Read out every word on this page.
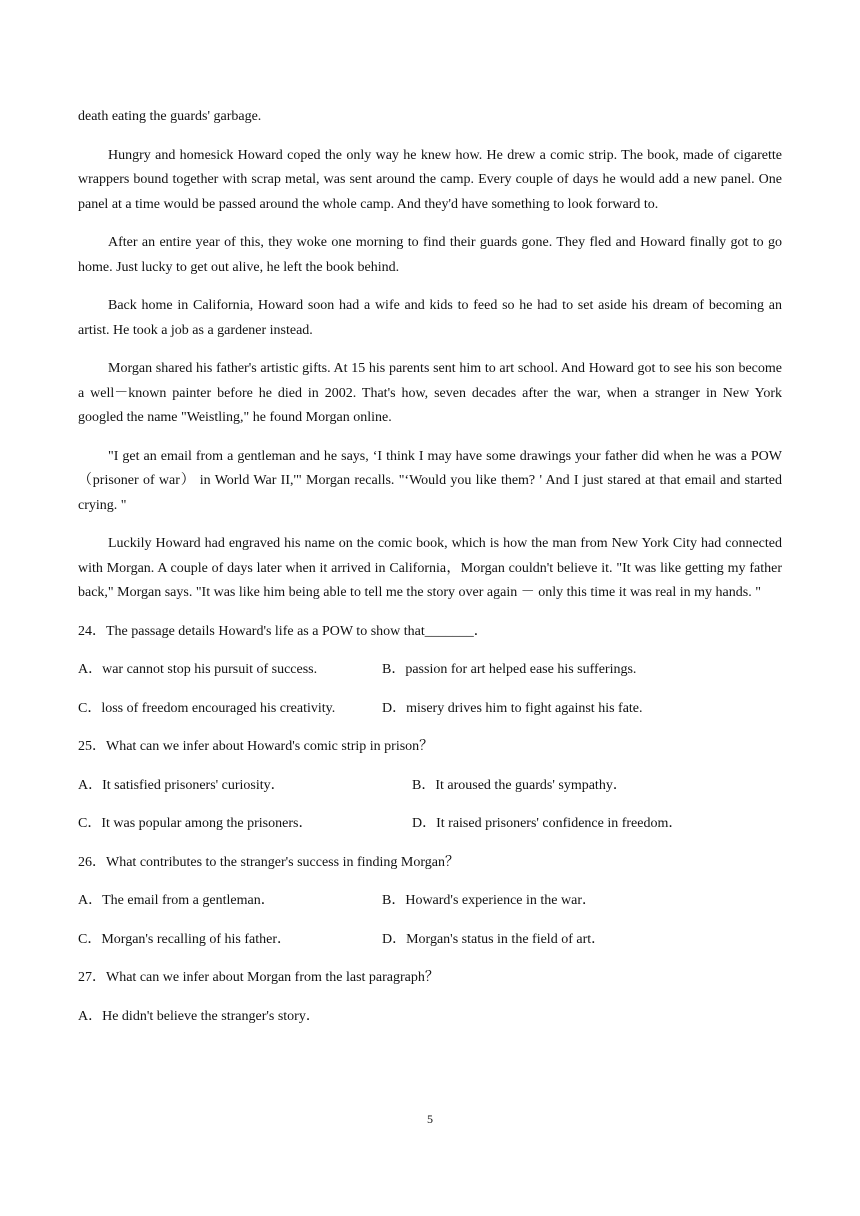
death eating the guards' garbage.

Hungry and homesick Howard coped the only way he knew how. He drew a comic strip. The book, made of cigarette wrappers bound together with scrap metal, was sent around the camp. Every couple of days he would add a new panel. One panel at a time would be passed around the whole camp. And they'd have something to look forward to.

After an entire year of this, they woke one morning to find their guards gone. They fled and Howard finally got to go home. Just lucky to get out alive, he left the book behind.

Back home in California, Howard soon had a wife and kids to feed so he had to set aside his dream of becoming an artist. He took a job as a gardener instead.

Morgan shared his father's artistic gifts. At 15 his parents sent him to art school. And Howard got to see his son become a well－known painter before he died in 2002. That's how, seven decades after the war, when a stranger in New York googled the name "Weistling," he found Morgan online.

"I get an email from a gentleman and he says, ‘I think I may have some drawings your father did when he was a POW （prisoner of war） in World War II,'" Morgan recalls. "‘Would you like them? ' And I just stared at that email and started crying. "

Luckily Howard had engraved his name on the comic book, which is how the man from New York City had connected with Morgan. A couple of days later when it arrived in California，Morgan couldn't believe it. "It was like getting my father back," Morgan says. "It was like him being able to tell me the story over again － only this time it was real in my hands. "

24．The passage details Howard's life as a POW to show that_______．

A．war cannot stop his pursuit of success.	B．passion for art helped ease his sufferings.
C．loss of freedom encouraged his creativity.	D．misery drives him to fight against his fate.

25．What can we infer about Howard's comic strip in prison？

A．It satisfied prisoners' curiosity．	B．It aroused the guards' sympathy．
C．It was popular among the prisoners．	D．It raised prisoners' confidence in freedom．

26．What contributes to the stranger's success in finding Morgan？

A．The email from a gentleman．	B．Howard's experience in the war．
C．Morgan's recalling of his father．	D．Morgan's status in the field of art．

27．What can we infer about Morgan from the last paragraph？

A．He didn't believe the stranger's story．
5
